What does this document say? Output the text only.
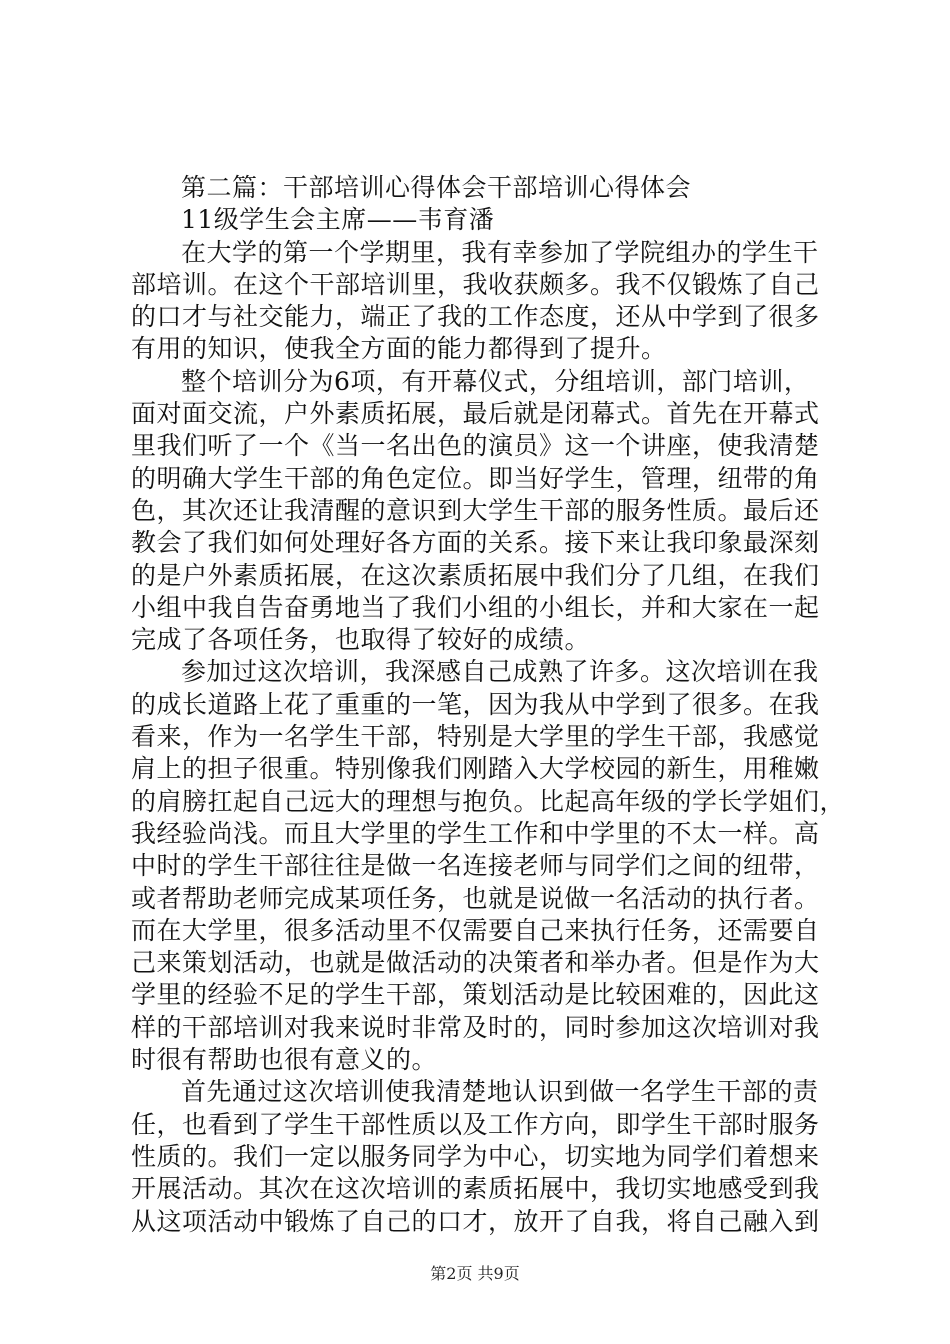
第二篇：干部培训心得体会干部培训心得体会
11级学生会主席——韦育潘
在大学的第一个学期里，我有幸参加了学院组办的学生干
部培训。在这个干部培训里，我收获颇多。我不仅锻炼了自己
的口才与社交能力，端正了我的工作态度，还从中学到了很多
有用的知识，使我全方面的能力都得到了提升。
整个培训分为6项，有开幕仪式，分组培训，部门培训，
面对面交流，户外素质拓展，最后就是闭幕式。首先在开幕式
里我们听了一个《当一名出色的演员》这一个讲座，使我清楚
的明确大学生干部的角色定位。即当好学生，管理，纽带的角
色，其次还让我清醒的意识到大学生干部的服务性质。最后还
教会了我们如何处理好各方面的关系。接下来让我印象最深刻
的是户外素质拓展，在这次素质拓展中我们分了几组，在我们
小组中我自告奋勇地当了我们小组的小组长，并和大家在一起
完成了各项任务，也取得了较好的成绩。
参加过这次培训，我深感自己成熟了许多。这次培训在我
的成长道路上花了重重的一笔，因为我从中学到了很多。在我
看来，作为一名学生干部，特别是大学里的学生干部，我感觉
肩上的担子很重。特别像我们刚踏入大学校园的新生，用稚嫩
的肩膀扛起自己远大的理想与抱负。比起高年级的学长学姐们，
我经验尚浅。而且大学里的学生工作和中学里的不太一样。高
中时的学生干部往往是做一名连接老师与同学们之间的纽带，
或者帮助老师完成某项任务，也就是说做一名活动的执行者。
而在大学里，很多活动里不仅需要自己来执行任务，还需要自
己来策划活动，也就是做活动的决策者和举办者。但是作为大
学里的经验不足的学生干部，策划活动是比较困难的，因此这
样的干部培训对我来说时非常及时的，同时参加这次培训对我
时很有帮助也很有意义的。
首先通过这次培训使我清楚地认识到做一名学生干部的责
任，也看到了学生干部性质以及工作方向，即学生干部时服务
性质的。我们一定以服务同学为中心，切实地为同学们着想来
开展活动。其次在这次培训的素质拓展中，我切实地感受到我
从这项活动中锻炼了自己的口才，放开了自我，将自己融入到
第2页 共9页
